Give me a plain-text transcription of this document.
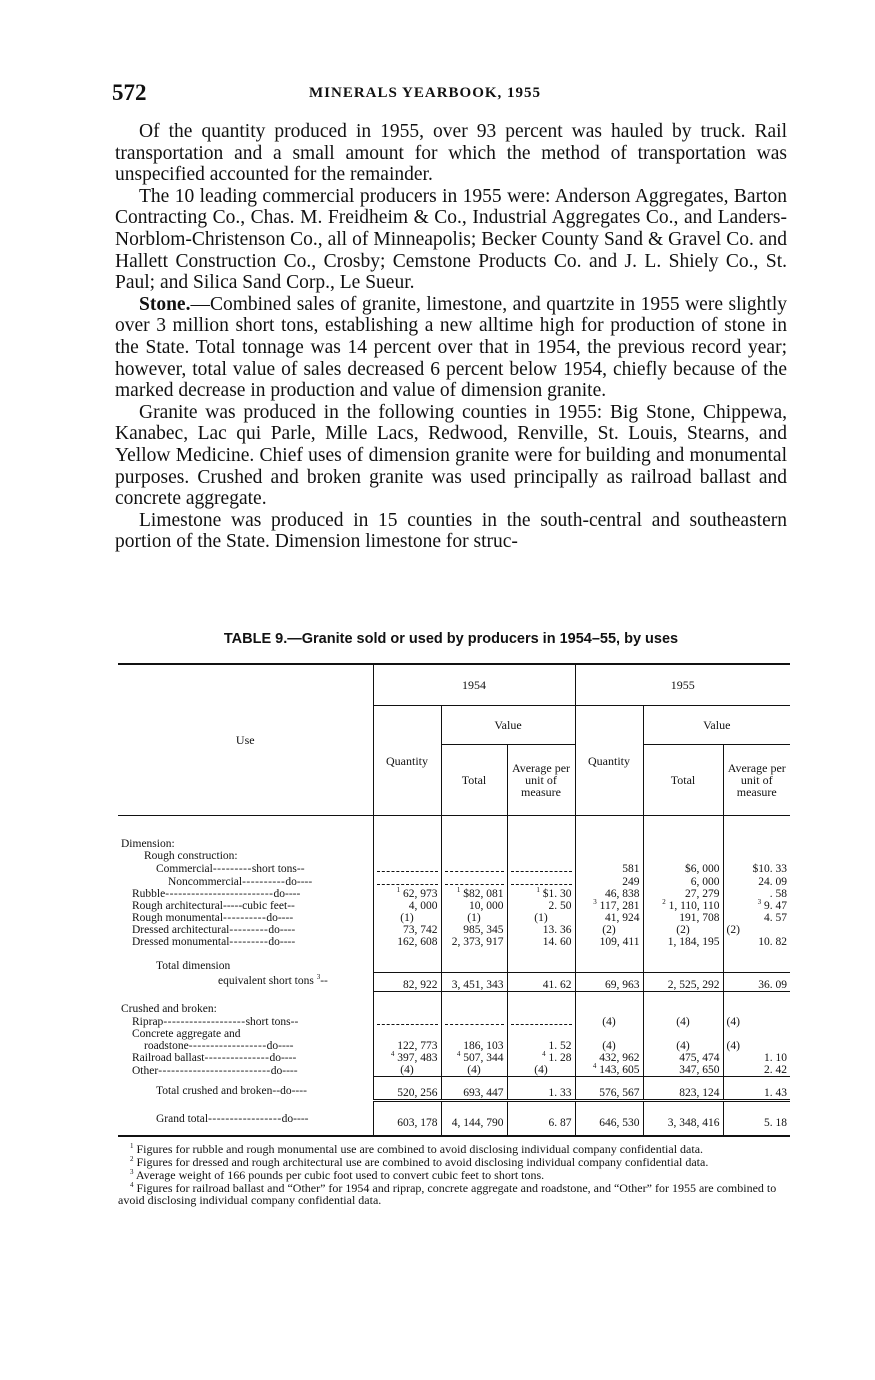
572	MINERALS YEARBOOK, 1955

Of the quantity produced in 1955, over 93 percent was hauled by truck. Rail transportation and a small amount for which the method of transportation was unspecified accounted for the remainder.

The 10 leading commercial producers in 1955 were: Anderson Aggregates, Barton Contracting Co., Chas. M. Freidheim & Co., Industrial Aggregates Co., and Landers-Norblom-Christenson Co., all of Minneapolis; Becker County Sand & Gravel Co. and Hallett Construction Co., Crosby; Cemstone Products Co. and J. L. Shiely Co., St. Paul; and Silica Sand Corp., Le Sueur.

Stone.—Combined sales of granite, limestone, and quartzite in 1955 were slightly over 3 million short tons, establishing a new alltime high for production of stone in the State. Total tonnage was 14 percent over that in 1954, the previous record year; however, total value of sales decreased 6 percent below 1954, chiefly because of the marked decrease in production and value of dimension granite.

Granite was produced in the following counties in 1955: Big Stone, Chippewa, Kanabec, Lac qui Parle, Mille Lacs, Redwood, Renville, St. Louis, Stearns, and Yellow Medicine. Chief uses of dimension granite were for building and monumental purposes. Crushed and broken granite was used principally as railroad ballast and concrete aggregate.

Limestone was produced in 15 counties in the south-central and southeastern portion of the State. Dimension limestone for struc-

TABLE 9.—Granite sold or used by producers in 1954–55, by uses
Use	1954			1955		
	Quantity	Value		Quantity	Value	
		Total	Average per unit of measure		Total	Average per unit of measure
Dimension:						
Rough construction:						
Commercial---------short tons--				581	$6, 000	$10. 33
Noncommercial----------do----				249	6, 000	24. 09
Rubble-------------------------do----	$^1$ 62, 973	$^1$ $82, 081	$^1$ $1. 30	46, 838	27, 279	. 58
Rough architectural-----cubic feet--	4, 000	10, 000	2. 50	$^3$ 117, 281	$^2$ 1, 110, 110	$^3$ 9. 47
Rough monumental----------do----	(1)	(1)	(1)	41, 924	191, 708	4. 57
Dressed architectural---------do----	73, 742	985, 345	13. 36	(2)	(2)	(2)
Dressed monumental---------do----	162, 608	2, 373, 917	14. 60	109, 411	1, 184, 195	10. 82
Total dimension						
equivalent short tons $^3$--	82, 922	3, 451, 343	41. 62	69, 963	2, 525, 292	36. 09
Crushed and broken:						
Riprap-------------------short tons--				(4)	(4)	(4)
Concrete aggregate and						
roadstone------------------do----	122, 773	186, 103	1. 52	(4)	(4)	(4)
Railroad ballast---------------do----	$^4$ 397, 483	$^4$ 507, 344	$^4$ 1. 28	432, 962	475, 474	1. 10
Other--------------------------do----	(4)	(4)	(4)	$^4$ 143, 605	347, 650	2. 42
Total crushed and broken--do----	520, 256	693, 447	1. 33	576, 567	823, 124	1. 43
Grand total-----------------do----	603, 178	4, 144, 790	6. 87	646, 530	3, 348, 416	5. 18

$^1$ Figures for rubble and rough monumental use are combined to avoid disclosing individual company confidential data.

$^2$ Figures for dressed and rough architectural use are combined to avoid disclosing individual company confidential data.

$^3$ Average weight of 166 pounds per cubic foot used to convert cubic feet to short tons.

$^4$ Figures for railroad ballast and “Other” for 1954 and riprap, concrete aggregate and roadstone, and “Other” for 1955 are combined to avoid disclosing individual company confidential data.
